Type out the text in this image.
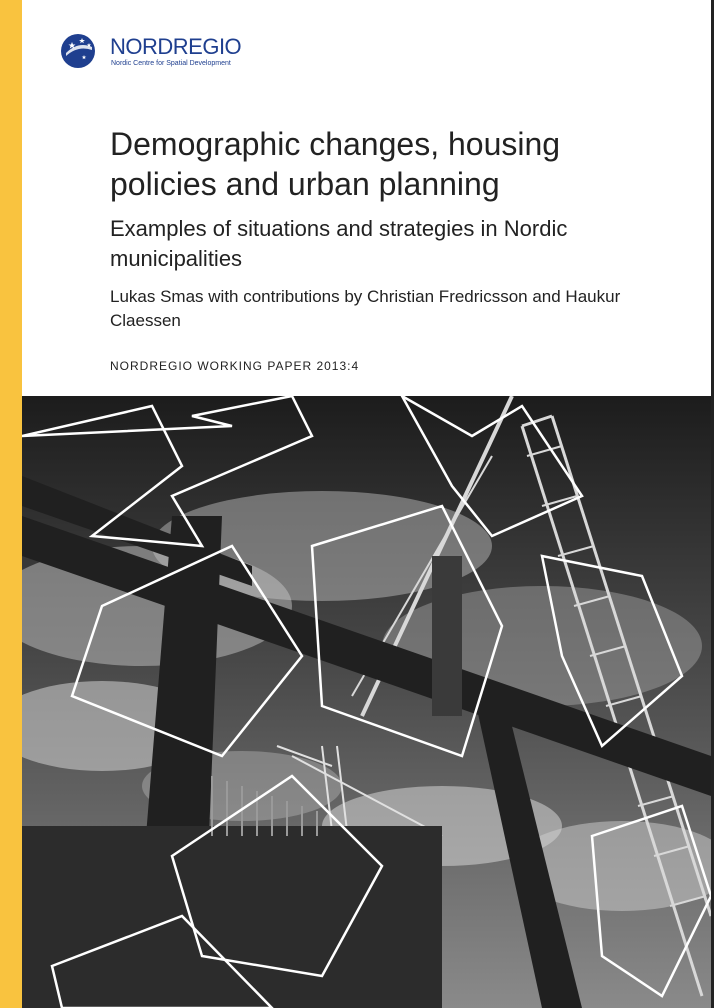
NORDREGIO
Nordic Centre for Spatial Development
Demographic changes, housing policies and urban planning
Examples of situations and strategies in Nordic municipalities
Lukas Smas with contributions by Christian Fredricsson and Haukur Claessen
NORDREGIO WORKING PAPER 2013:4
